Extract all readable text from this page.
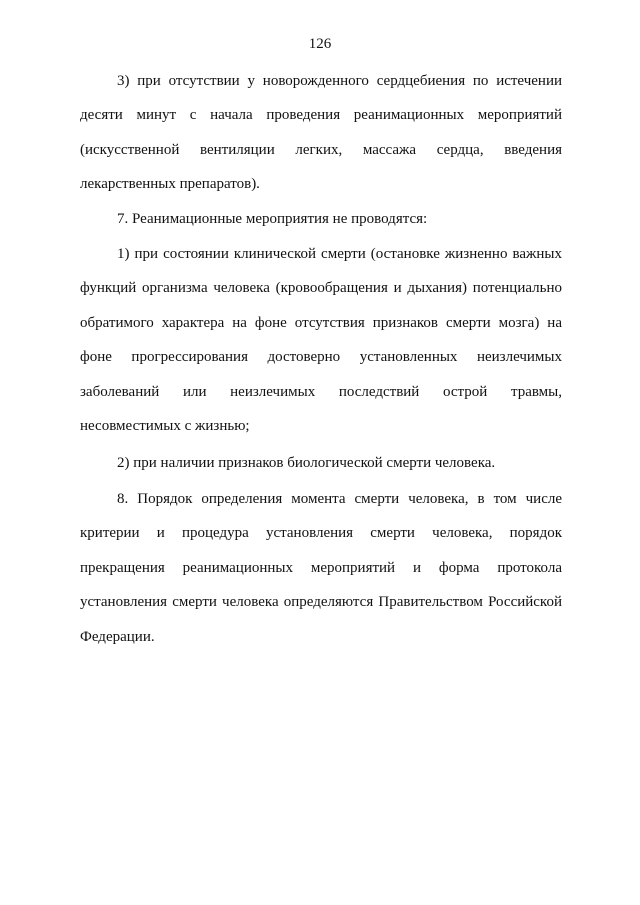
126

3) при отсутствии у новорожденного сердцебиения по истечении десяти минут с начала проведения реанимационных мероприятий (искусственной вентиляции легких, массажа сердца, введения лекарственных препаратов).

7. Реанимационные мероприятия не проводятся:

1) при состоянии клинической смерти (остановке жизненно важных функций организма человека (кровообращения и дыхания) потенциально обратимого характера на фоне отсутствия признаков смерти мозга) на фоне прогрессирования достоверно установленных неизлечимых заболеваний или неизлечимых последствий острой травмы, несовместимых с жизнью;

2) при наличии признаков биологической смерти человека.

8. Порядок определения момента смерти человека, в том числе критерии и процедура установления смерти человека, порядок прекращения реанимационных мероприятий и форма протокола установления смерти человека определяются Правительством Российской Федерации.
